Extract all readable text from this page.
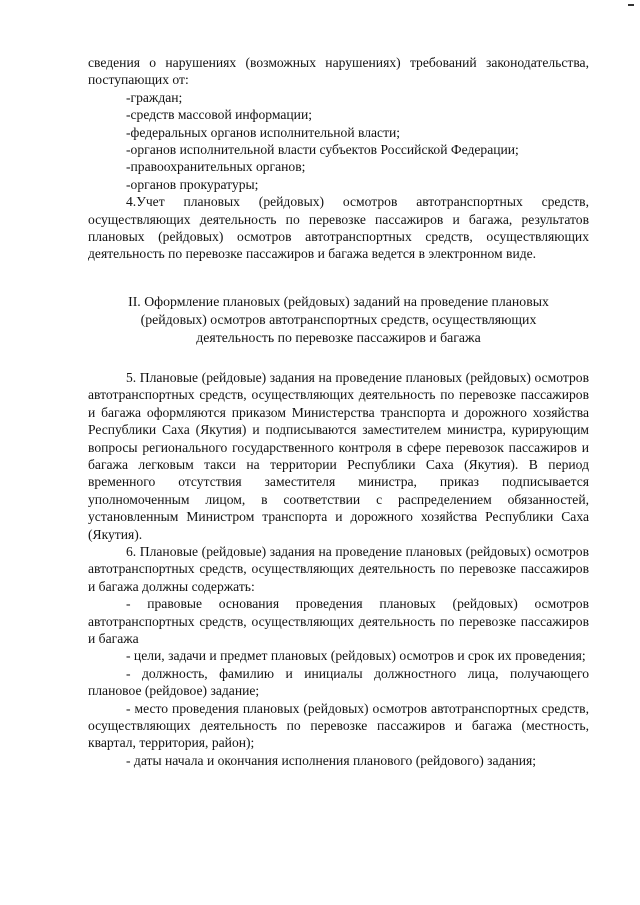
сведения о нарушениях (возможных нарушениях) требований законодательства, поступающих от:

-граждан;

-средств массовой информации;

-федеральных органов исполнительной власти;

-органов исполнительной власти субъектов Российской Федерации;

-правоохранительных органов;

-органов прокуратуры;

4.Учет плановых (рейдовых) осмотров автотранспортных средств, осуществляющих деятельность по перевозке пассажиров и багажа, результатов плановых (рейдовых) осмотров автотранспортных средств, осуществляющих деятельность по перевозке пассажиров и багажа ведется в электронном виде.

II. Оформление плановых (рейдовых) заданий на проведение плановых
(рейдовых) осмотров автотранспортных средств, осуществляющих
деятельность по перевозке пассажиров и багажа

5. Плановые (рейдовые) задания на проведение плановых (рейдовых) осмотров автотранспортных средств, осуществляющих деятельность по перевозке пассажиров и багажа оформляются приказом Министерства транспорта и дорожного хозяйства Республики Саха (Якутия) и подписываются заместителем министра, курирующим вопросы регионального государственного контроля в сфере перевозок пассажиров и багажа легковым такси на территории Республики Саха (Якутия). В период временного отсутствия заместителя министра, приказ подписывается уполномоченным лицом, в соответствии с распределением обязанностей, установленным Министром транспорта и дорожного хозяйства Республики Саха (Якутия).

6. Плановые (рейдовые) задания на проведение плановых (рейдовых) осмотров автотранспортных средств, осуществляющих деятельность по перевозке пассажиров и багажа должны содержать:

- правовые основания проведения плановых (рейдовых) осмотров автотранспортных средств, осуществляющих деятельность по перевозке пассажиров и багажа

- цели, задачи и предмет плановых (рейдовых) осмотров и срок их проведения;

- должность, фамилию и инициалы должностного лица, получающего плановое (рейдовое) задание;

- место проведения плановых (рейдовых) осмотров автотранспортных средств, осуществляющих деятельность по перевозке пассажиров и багажа (местность, квартал, территория, район);

- даты начала и окончания исполнения планового (рейдового) задания;
